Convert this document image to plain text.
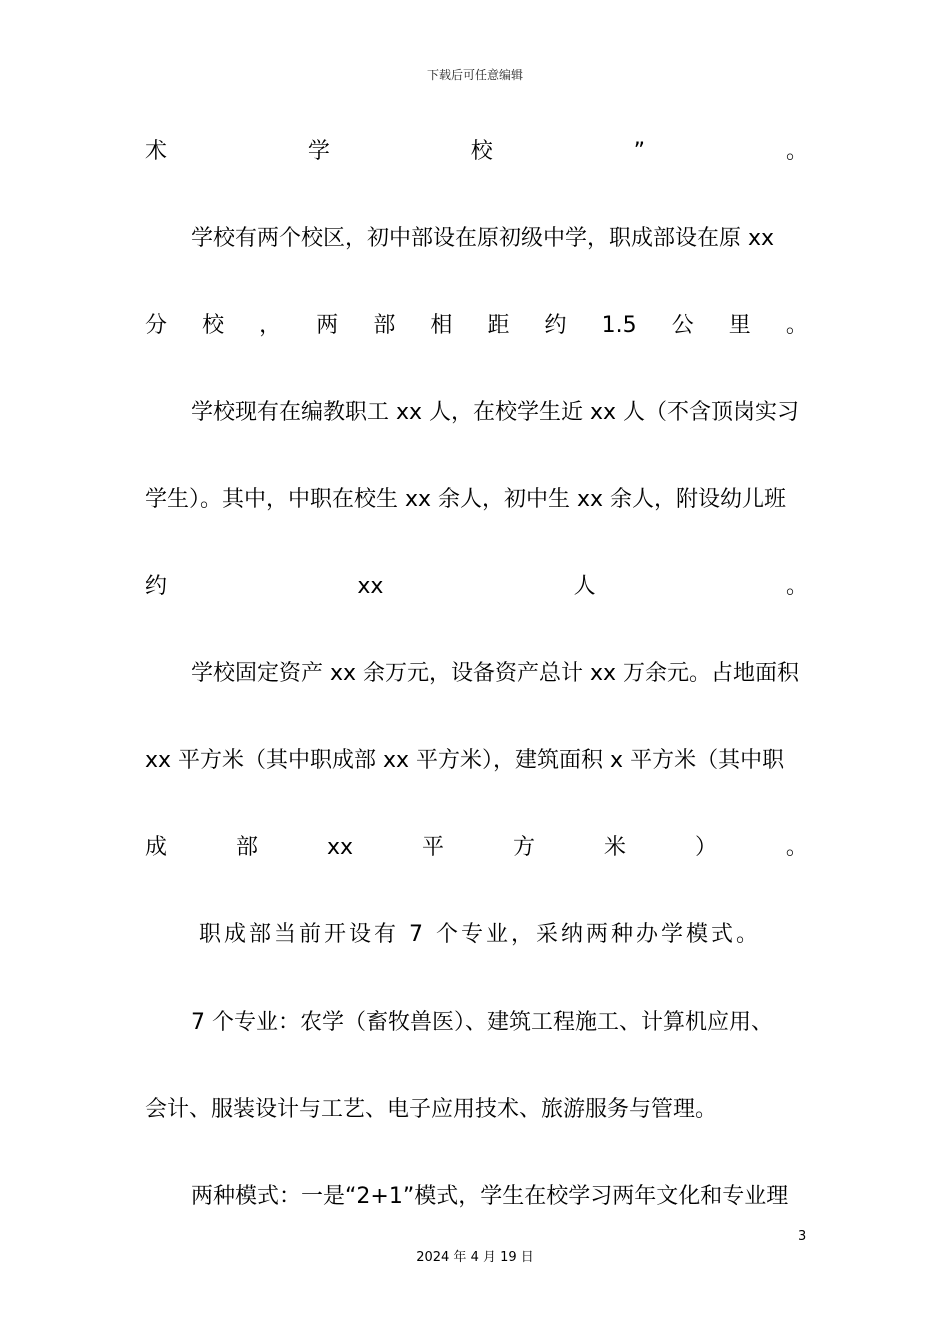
下载后可任意编辑
术	学	校	”	。
学校有两个校区，初中部设在原初级中学，职成部设在原 xx
分 校 ， 两 部 相 距 约 1.5 公 里 。
学校现有在编教职工 xx 人，在校学生近 xx 人（不含顶岗实习
学生）。其中，中职在校生 xx 余人，初中生 xx 余人，附设幼儿班
约	xx	人	。
学校固定资产 xx 余万元，设备资产总计 xx 万余元。占地面积
xx 平方米（其中职成部 xx 平方米），建筑面积 x 平方米（其中职
成	部	xx	平	方	米	）	。
职成部当前开设有 7 个专业，采纳两种办学模式。
7 个专业：农学（畜牧兽医）、建筑工程施工、计算机应用、
会计、服装设计与工艺、电子应用技术、旅游服务与管理。
两种模式：一是“2+1”模式，学生在校学习两年文化和专业理
3
2024 年 4 月 19 日
